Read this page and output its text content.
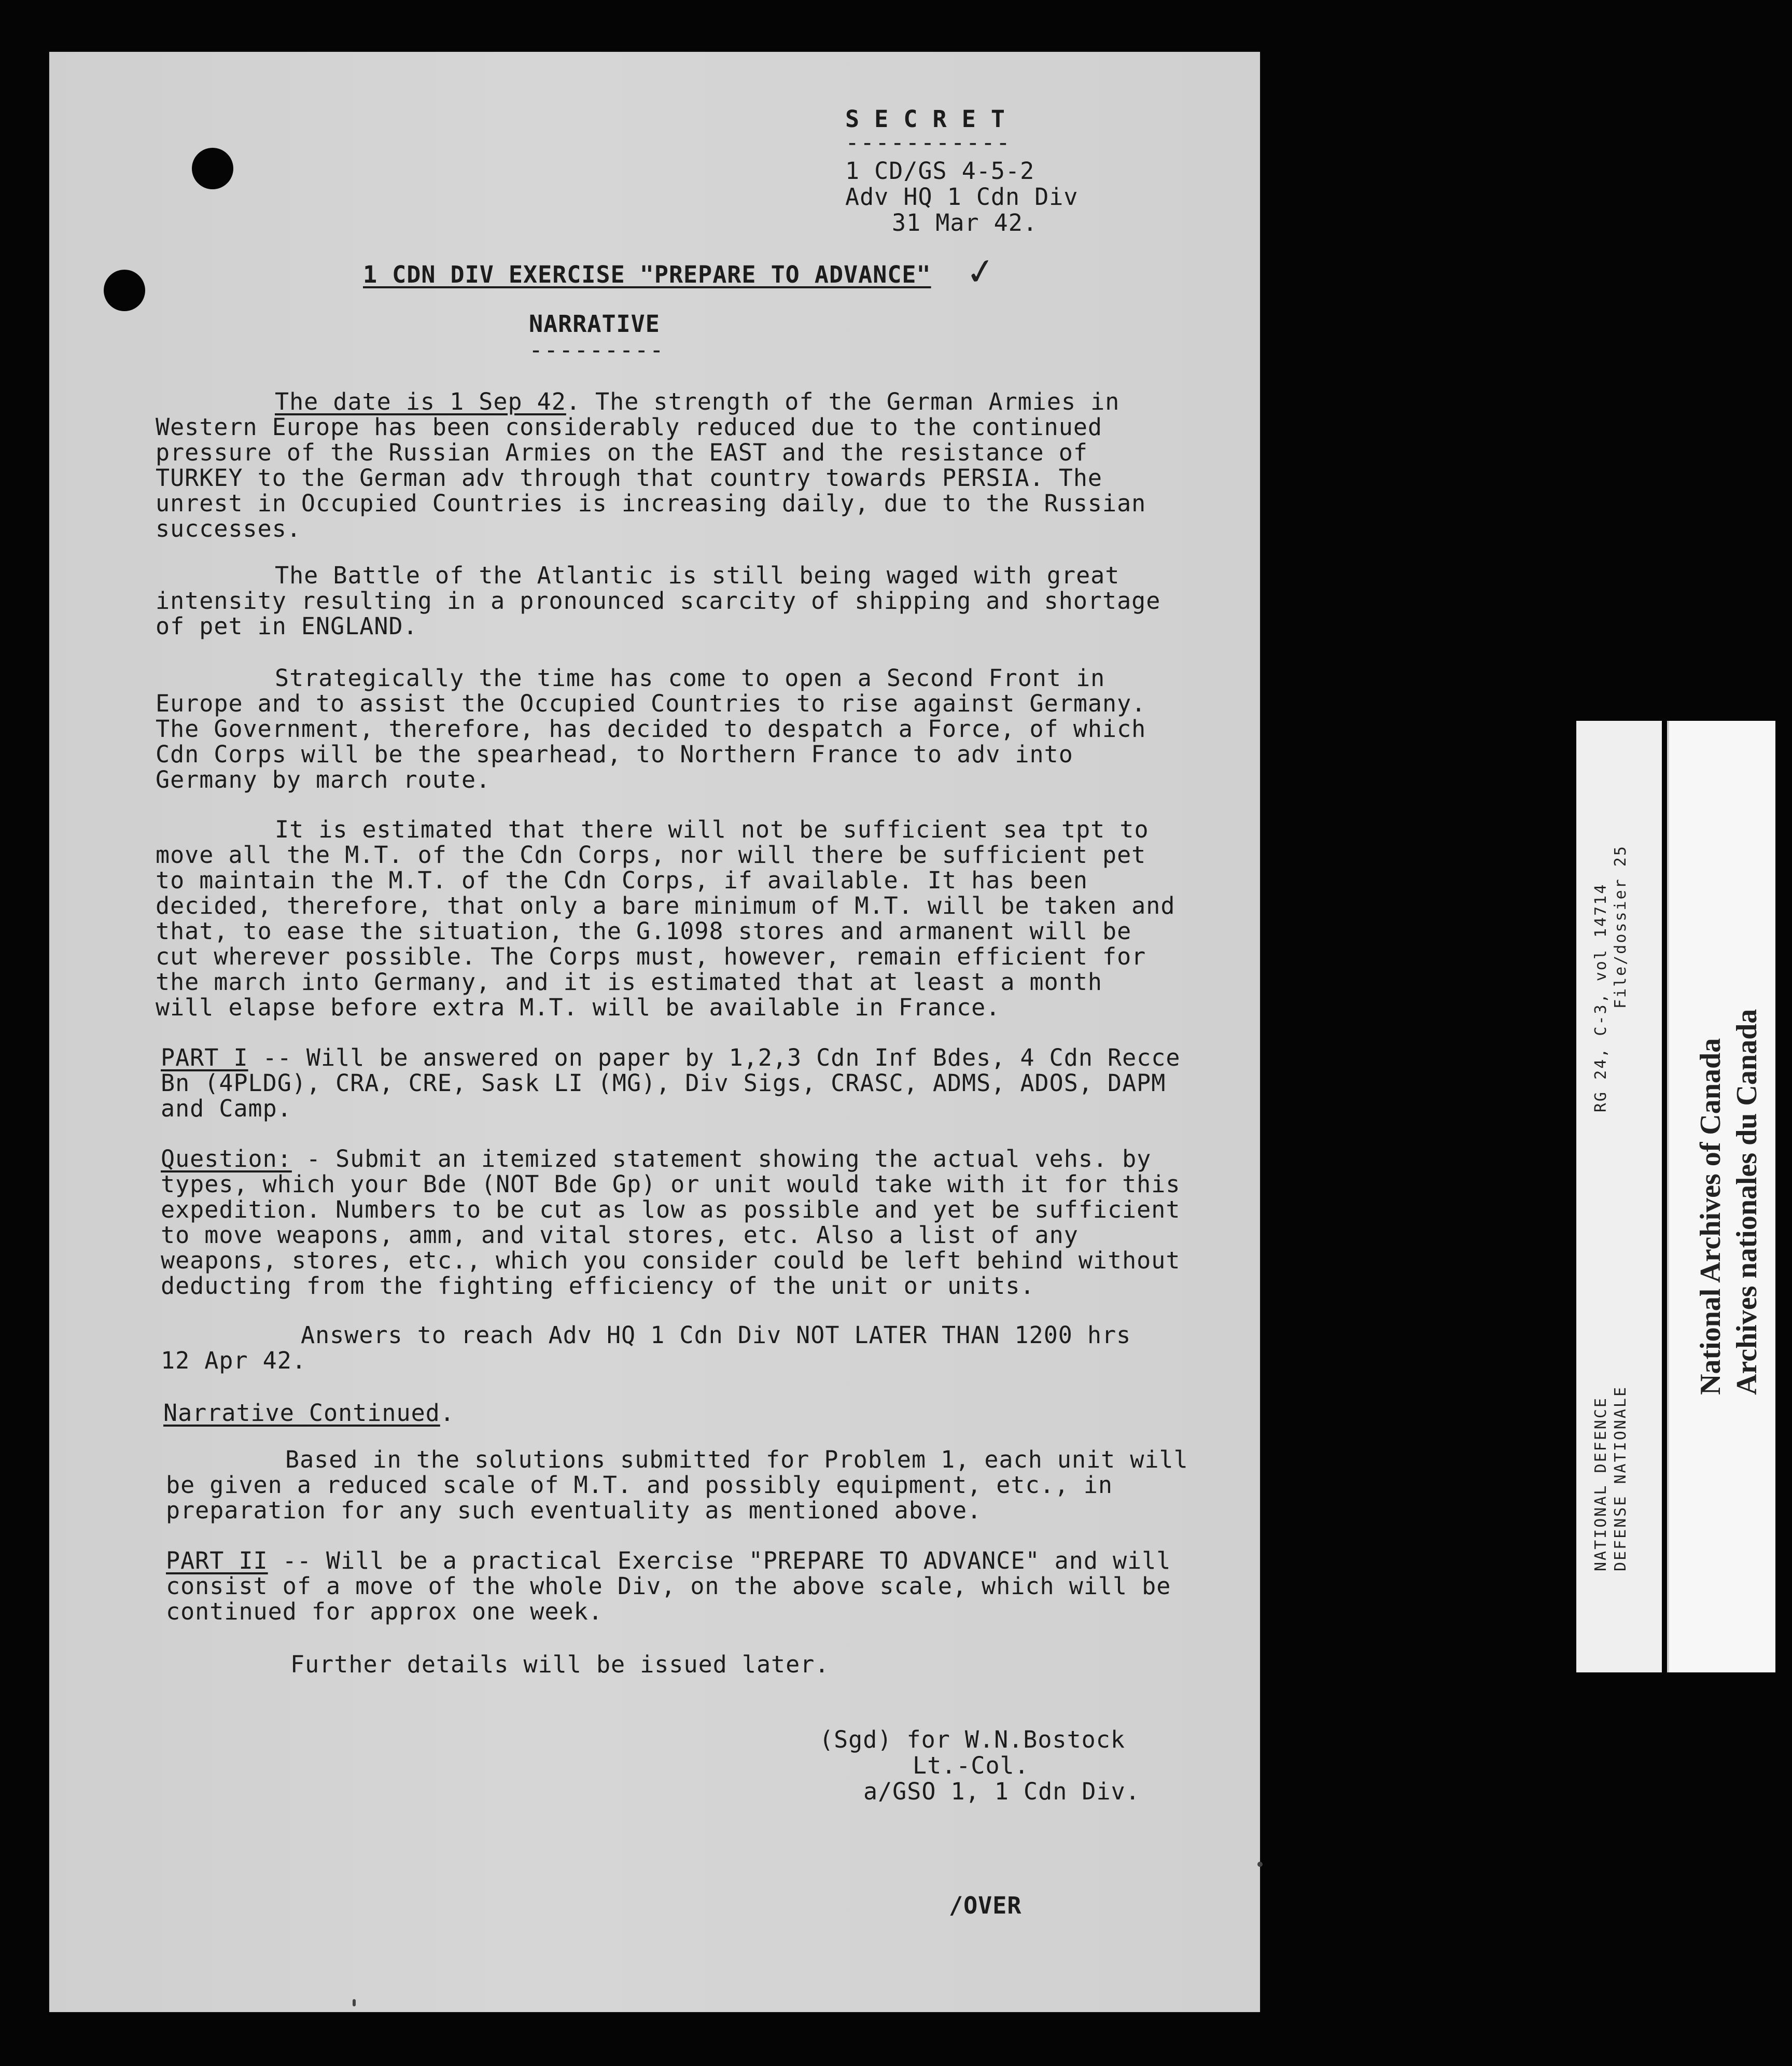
S E C R E T
-----------
1 CD/GS 4-5-2
Adv HQ 1 Cdn Div
31 Mar 42.
1 CDN DIV EXERCISE "PREPARE TO ADVANCE" ✓
NARRATIVE
---------

The date is 1 Sep 42. The strength of the German Armies in
Western Europe has been considerably reduced due to the continued
pressure of the Russian Armies on the EAST and the resistance of
TURKEY to the German adv through that country towards PERSIA. The
unrest in Occupied Countries is increasing daily, due to the Russian
successes.

The Battle of the Atlantic is still being waged with great
intensity resulting in a pronounced scarcity of shipping and shortage
of pet in ENGLAND.

Strategically the time has come to open a Second Front in
Europe and to assist the Occupied Countries to rise against Germany.
The Government, therefore, has decided to despatch a Force, of which
Cdn Corps will be the spearhead, to Northern France to adv into
Germany by march route.

It is estimated that there will not be sufficient sea tpt to
move all the M.T. of the Cdn Corps, nor will there be sufficient pet
to maintain the M.T. of the Cdn Corps, if available. It has been
decided, therefore, that only a bare minimum of M.T. will be taken and
that, to ease the situation, the G.1098 stores and armanent will be
cut wherever possible. The Corps must, however, remain efficient for
the march into Germany, and it is estimated that at least a month
will elapse before extra M.T. will be available in France.

PART I -- Will be answered on paper by 1,2,3 Cdn Inf Bdes, 4 Cdn Recce
Bn (4PLDG), CRA, CRE, Sask LI (MG), Div Sigs, CRASC, ADMS, ADOS, DAPM
and Camp.

Question: - Submit an itemized statement showing the actual vehs. by
types, which your Bde (NOT Bde Gp) or unit would take with it for this
expedition. Numbers to be cut as low as possible and yet be sufficient
to move weapons, amm, and vital stores, etc. Also a list of any
weapons, stores, etc., which you consider could be left behind without
deducting from the fighting efficiency of the unit or units.

Answers to reach Adv HQ 1 Cdn Div NOT LATER THAN 1200 hrs
12 Apr 42.

Narrative Continued.

Based in the solutions submitted for Problem 1, each unit will
be given a reduced scale of M.T. and possibly equipment, etc., in
preparation for any such eventuality as mentioned above.

PART II -- Will be a practical Exercise "PREPARE TO ADVANCE" and will
consist of a move of the whole Div, on the above scale, which will be
continued for approx one week.

Further details will be issued later.
(Sgd) for W.N.Bostock
Lt.-Col.
a/GSO 1, 1 Cdn Div.
/OVER
NATIONAL DEFENCE DEFENSE NATIONALE
RG 24, C-3, vol 14714 File/dossier 25
National Archives of Canada Archives nationales du Canada
